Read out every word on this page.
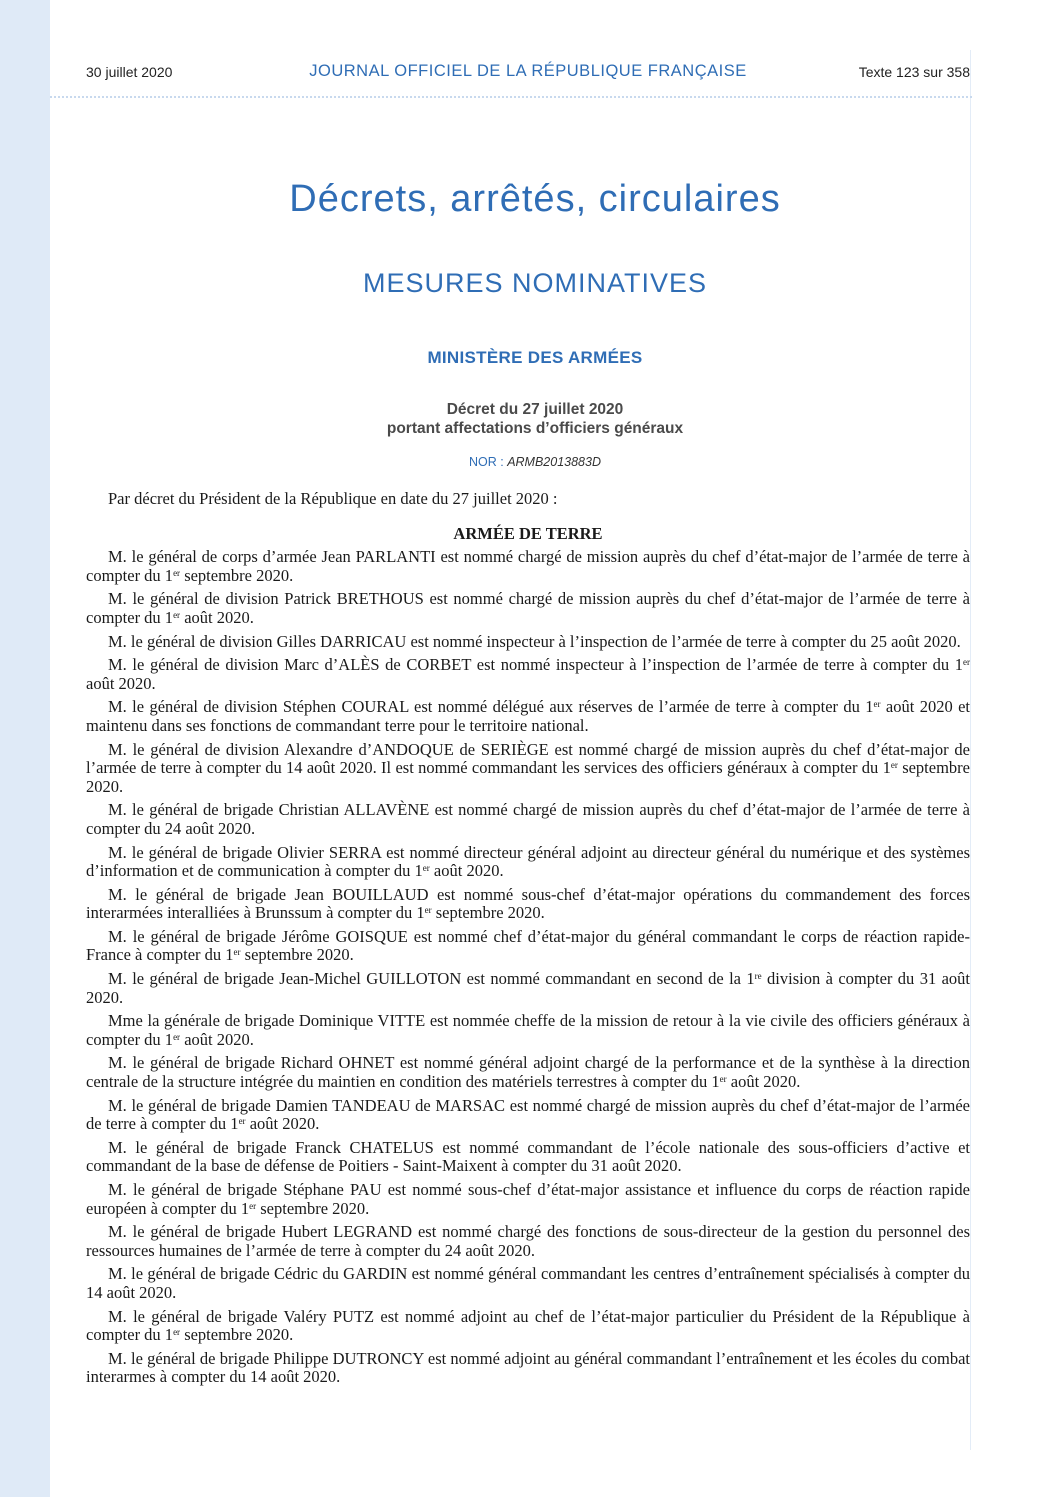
30 juillet 2020	JOURNAL OFFICIEL DE LA RÉPUBLIQUE FRANÇAISE	Texte 123 sur 358
Décrets, arrêtés, circulaires
MESURES NOMINATIVES
MINISTÈRE DES ARMÉES
Décret du 27 juillet 2020
portant affectations d’officiers généraux
NOR : ARMB2013883D

Par décret du Président de la République en date du 27 juillet 2020 :

ARMÉE DE TERRE

M. le général de corps d’armée Jean PARLANTI est nommé chargé de mission auprès du chef d’état-major de l’armée de terre à compter du 1er septembre 2020.

M. le général de division Patrick BRETHOUS est nommé chargé de mission auprès du chef d’état-major de l’armée de terre à compter du 1er août 2020.

M. le général de division Gilles DARRICAU est nommé inspecteur à l’inspection de l’armée de terre à compter du 25 août 2020.

M. le général de division Marc d’ALÈS de CORBET est nommé inspecteur à l’inspection de l’armée de terre à compter du 1er août 2020.

M. le général de division Stéphen COURAL est nommé délégué aux réserves de l’armée de terre à compter du 1er août 2020 et maintenu dans ses fonctions de commandant terre pour le territoire national.

M. le général de division Alexandre d’ANDOQUE de SERIÈGE est nommé chargé de mission auprès du chef d’état-major de l’armée de terre à compter du 14 août 2020. Il est nommé commandant les services des officiers généraux à compter du 1er septembre 2020.

M. le général de brigade Christian ALLAVÈNE est nommé chargé de mission auprès du chef d’état-major de l’armée de terre à compter du 24 août 2020.

M. le général de brigade Olivier SERRA est nommé directeur général adjoint au directeur général du numérique et des systèmes d’information et de communication à compter du 1er août 2020.

M. le général de brigade Jean BOUILLAUD est nommé sous-chef d’état-major opérations du commandement des forces interarmées interalliées à Brunssum à compter du 1er septembre 2020.

M. le général de brigade Jérôme GOISQUE est nommé chef d’état-major du général commandant le corps de réaction rapide-France à compter du 1er septembre 2020.

M. le général de brigade Jean-Michel GUILLOTON est nommé commandant en second de la 1re division à compter du 31 août 2020.

Mme la générale de brigade Dominique VITTE est nommée cheffe de la mission de retour à la vie civile des officiers généraux à compter du 1er août 2020.

M. le général de brigade Richard OHNET est nommé général adjoint chargé de la performance et de la synthèse à la direction centrale de la structure intégrée du maintien en condition des matériels terrestres à compter du 1er août 2020.

M. le général de brigade Damien TANDEAU de MARSAC est nommé chargé de mission auprès du chef d’état-major de l’armée de terre à compter du 1er août 2020.

M. le général de brigade Franck CHATELUS est nommé commandant de l’école nationale des sous-officiers d’active et commandant de la base de défense de Poitiers - Saint-Maixent à compter du 31 août 2020.

M. le général de brigade Stéphane PAU est nommé sous-chef d’état-major assistance et influence du corps de réaction rapide européen à compter du 1er septembre 2020.

M. le général de brigade Hubert LEGRAND est nommé chargé des fonctions de sous-directeur de la gestion du personnel des ressources humaines de l’armée de terre à compter du 24 août 2020.

M. le général de brigade Cédric du GARDIN est nommé général commandant les centres d’entraînement spécialisés à compter du 14 août 2020.

M. le général de brigade Valéry PUTZ est nommé adjoint au chef de l’état-major particulier du Président de la République à compter du 1er septembre 2020.

M. le général de brigade Philippe DUTRONCY est nommé adjoint au général commandant l’entraînement et les écoles du combat interarmes à compter du 14 août 2020.
